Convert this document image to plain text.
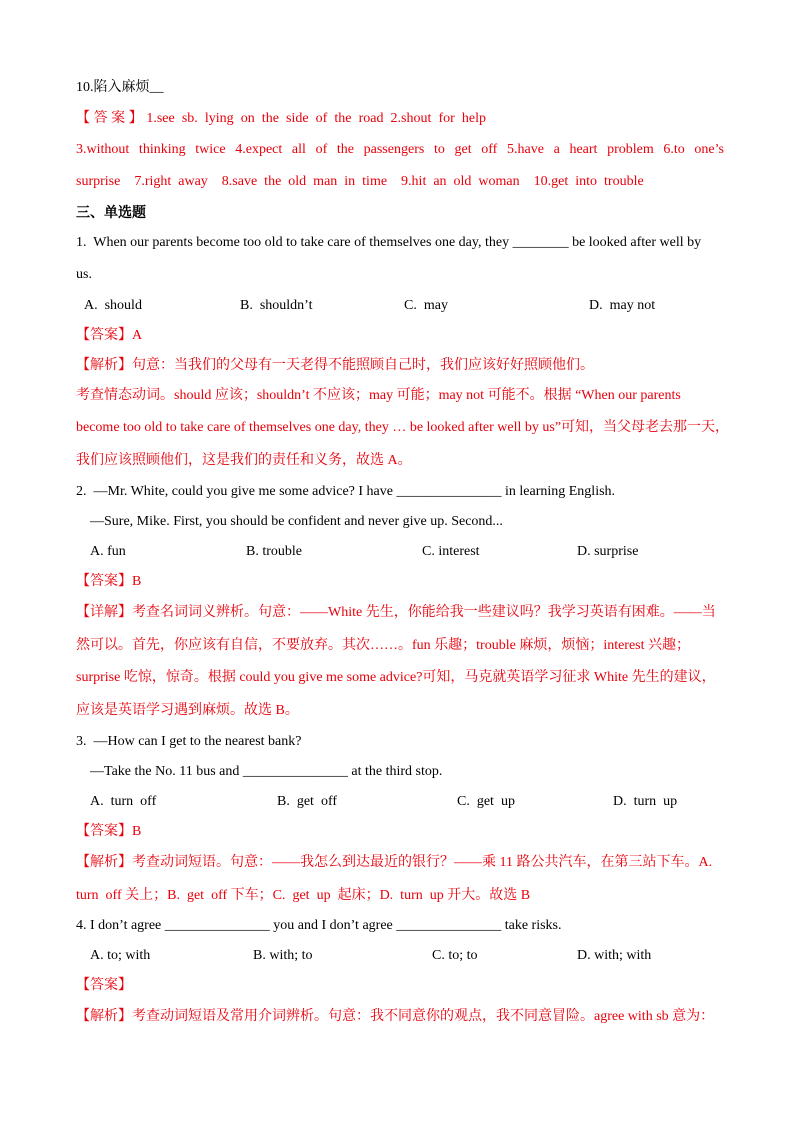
10.陷入麻烦__
【答案】1.see sb. lying on the side of the road 2.shout for help
3.without thinking twice 4.expect all of the passengers to get off 5.have a heart problem 6.to one’s
surprise    7.right  away    8.save  the  old  man  in  time    9.hit  an  old  woman    10.get  into  trouble
三、单选题
1.  When our parents become too old to take care of themselves one day, they ________ be looked after well by
us.
A.  should	B.  shouldn’t	C.  may	D.  may not
【答案】A
【解析】句意：当我们的父母有一天老得不能照顾自己时，我们应该好好照顾他们。
考查情态动词。should 应该；shouldn’t 不应该；may 可能；may not 可能不。根据 “When our parents
become too old to take care of themselves one day, they … be looked after well by us”可知，当父母老去那一天，
我们应该照顾他们，这是我们的责任和义务，故选 A。
2.  —Mr. White, could you give me some advice? I have _______________ in learning English.
—Sure, Mike. First, you should be confident and never give up. Second...
A. fun	B. trouble	C. interest	D. surprise
【答案】B
【详解】考查名词词义辨析。句意：——White 先生，你能给我一些建议吗？我学习英语有困难。——当
然可以。首先，你应该有自信，不要放弃。其次……。fun 乐趣；trouble 麻烦，烦恼；interest 兴趣；
surprise 吃惊，惊奇。根据 could you give me some advice?可知，马克就英语学习征求 White 先生的建议，
应该是英语学习遇到麻烦。故选 B。
3.  —How can I get to the nearest bank?
—Take the No. 11 bus and _______________ at the third stop.
A.  turn  off	B.  get  off	C.  get  up	D.  turn  up
【答案】B
【解析】考查动词短语。句意：——我怎么到达最近的银行？——乘 11 路公共汽车，在第三站下车。A.
turn  off 关上；B.  get  off 下车；C.  get  up  起床；D.  turn  up 开大。故选 B
4. I don’t agree _______________ you and I don’t agree _______________ take risks.
A. to; with	B. with; to	C. to; to	D. with; with
【答案】
【解析】考查动词短语及常用介词辨析。句意：我不同意你的观点，我不同意冒险。agree with sb 意为：
